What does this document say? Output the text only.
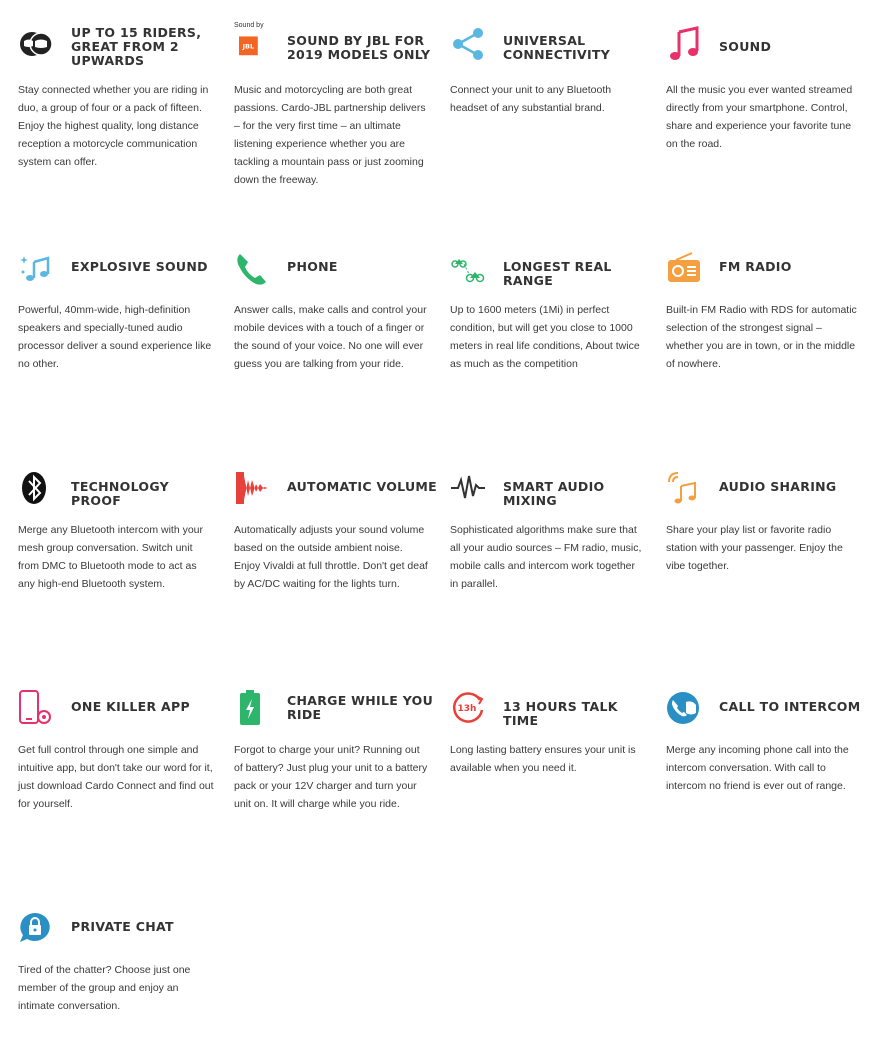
UP TO 15 RIDERS, GREAT FROM 2 UPWARDS
Stay connected whether you are riding in duo, a group of four or a pack of fifteen. Enjoy the highest quality, long distance reception a motorcycle communication system can offer.
Sound by
JBL	SOUND BY JBL FOR 2019 MODELS ONLY
Music and motorcycling are both great passions. Cardo-JBL partnership delivers – for the very first time – an ultimate listening experience whether you are tackling a mountain pass or just zooming down the freeway.
UNIVERSAL CONNECTIVITY
Connect your unit to any Bluetooth headset of any substantial brand.
SOUND
All the music you ever wanted streamed directly from your smartphone. Control, share and experience your favorite tune on the road.
EXPLOSIVE SOUND
Powerful, 40mm-wide, high-definition speakers and specially-tuned audio processor deliver a sound experience like no other.
PHONE
Answer calls, make calls and control your mobile devices with a touch of a finger or the sound of your voice. No one will ever guess you are talking from your ride.
LONGEST REAL RANGE
Up to 1600 meters (1Mi) in perfect condition, but will get you close to 1000 meters in real life conditions, About twice as much as the competition
FM RADIO
Built-in FM Radio with RDS for automatic selection of the strongest signal – whether you are in town, or in the middle of nowhere.
TECHNOLOGY PROOF
Merge any Bluetooth intercom with your mesh group conversation. Switch unit from DMC to Bluetooth mode to act as any high-end Bluetooth system.
AUTOMATIC VOLUME
Automatically adjusts your sound volume based on the outside ambient noise. Enjoy Vivaldi at full throttle. Don't get deaf by AC/DC waiting for the lights turn.
SMART AUDIO MIXING
Sophisticated algorithms make sure that all your audio sources – FM radio, music, mobile calls and intercom work together in parallel.
AUDIO SHARING
Share your play list or favorite radio station with your passenger. Enjoy the vibe together.
ONE KILLER APP
Get full control through one simple and intuitive app, but don't take our word for it, just download Cardo Connect and find out for yourself.
CHARGE WHILE YOU RIDE
Forgot to charge your unit? Running out of battery? Just plug your unit to a battery pack or your 12V charger and turn your unit on. It will charge while you ride.
13h 13 HOURS TALK TIME
Long lasting battery ensures your unit is available when you need it.
CALL TO INTERCOM
Merge any incoming phone call into the intercom conversation. With call to intercom no friend is ever out of range.
PRIVATE CHAT
Tired of the chatter? Choose just one member of the group and enjoy an intimate conversation.
